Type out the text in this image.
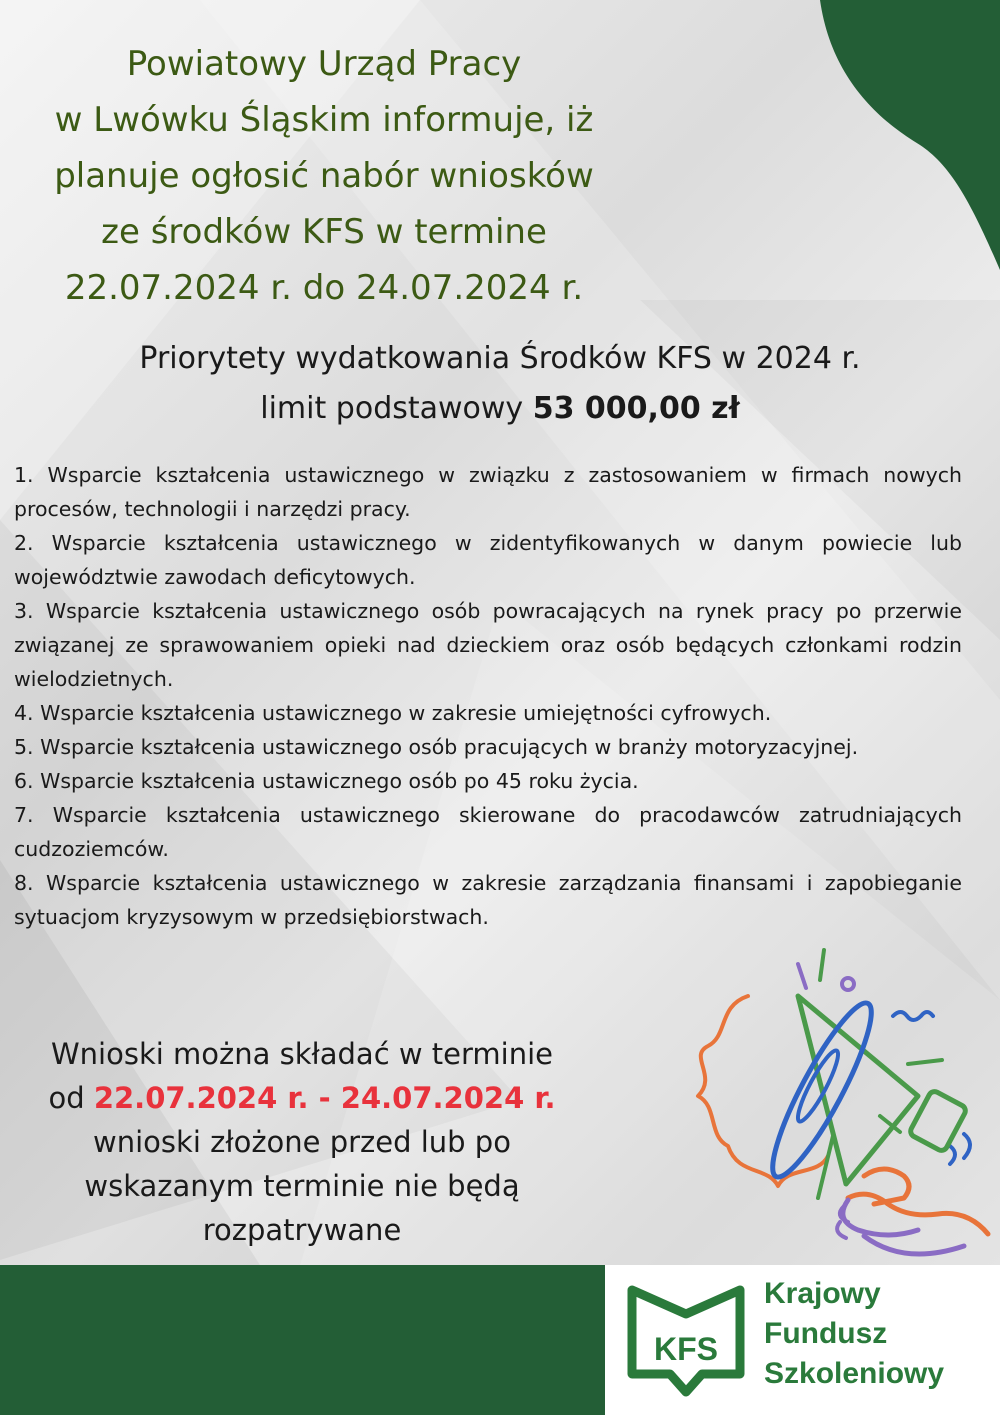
Powiatowy Urząd Pracy
w Lwówku Śląskim informuje, iż
planuje ogłosić nabór wniosków
ze środków KFS w termine
22.07.2024 r. do 24.07.2024 r.

Priorytety wydatkowania Środków KFS w 2024 r.
limit podstawowy 53 000,00 zł

1. Wsparcie kształcenia ustawicznego w związku z zastosowaniem w firmach nowych procesów, technologii i narzędzi pracy.
2. Wsparcie kształcenia ustawicznego w zidentyfikowanych w danym powiecie lub województwie zawodach deficytowych.
3. Wsparcie kształcenia ustawicznego osób powracających na rynek pracy po przerwie związanej ze sprawowaniem opieki nad dzieckiem oraz osób będących członkami rodzin wielodzietnych.
4. Wsparcie kształcenia ustawicznego w zakresie umiejętności cyfrowych.
5. Wsparcie kształcenia ustawicznego osób pracujących w branży motoryzacyjnej.
6. Wsparcie kształcenia ustawicznego osób po 45 roku życia.
7. Wsparcie kształcenia ustawicznego skierowane do pracodawców zatrudniających cudzoziemców.
8. Wsparcie kształcenia ustawicznego w zakresie zarządzania finansami i zapobieganie sytuacjom kryzysowym w przedsiębiorstwach.

Wnioski można składać w terminie
od 22.07.2024 r. - 24.07.2024 r.
wnioski złożone przed lub po
wskazanym terminie nie będą
rozpatrywane

KFS
Krajowy
Fundusz
Szkoleniowy
